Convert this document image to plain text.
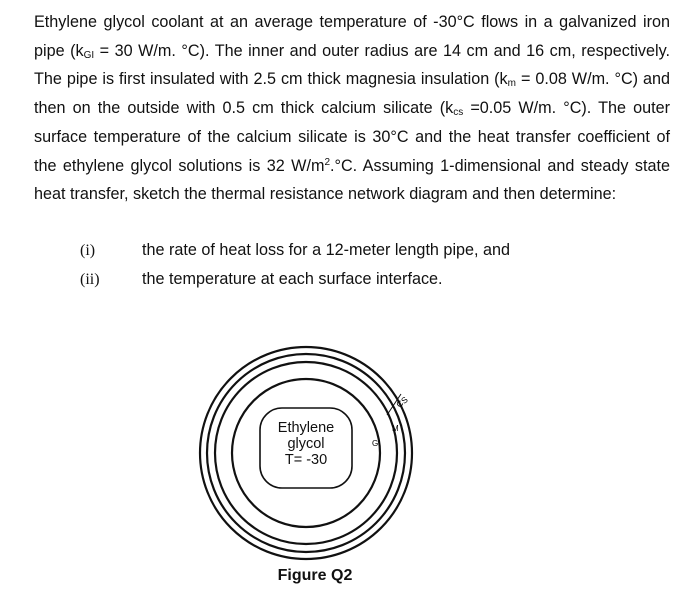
Ethylene glycol coolant at an average temperature of -30°C flows in a galvanized iron pipe ($k_{GI} = 30$ W/m. °C). The inner and outer radius are 14 cm and 16 cm, respectively. The pipe is first insulated with 2.5 cm thick magnesia insulation ($k_m = 0.08$ W/m. °C) and then on the outside with 0.5 cm thick calcium silicate ($k_{cs} =0.05$ W/m. °C). The outer surface temperature of the calcium silicate is 30°C and the heat transfer coefficient of the ethylene glycol solutions is 32 $W/m^2.^\circ C$. Assuming 1-dimensional and steady state heat transfer, sketch the thermal resistance network diagram and then determine:

(i)	the rate of heat loss for a 12-meter length pipe, and
(ii)	the temperature at each surface interface.
GI
M
CS
Ethylene
glycol
T= -30
Figure Q2
